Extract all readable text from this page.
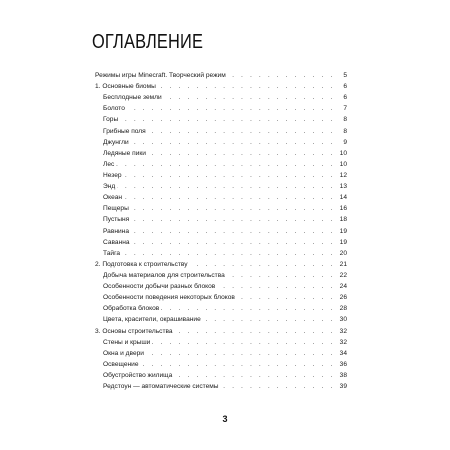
ОГЛАВЛЕНИЕ
Режимы игры Minecraft. Творческий режим . . .	5
1. Основные биомы . . .	6
Бесплодные земли . . .	6
Болото . . .	7
Горы . . .	8
Грибные поля . . .	8
Джунгли . . .	9
Ледяные пики . . .	10
Лес . . .	10
Незер . . .	12
Энд . . .	13
Океан . . .	14
Пещеры . . .	16
Пустыня . . .	18
Равнина . . .	19
Саванна . . .	19
Тайга . . .	20
2. Подготовка к строительству . . .	21
Добыча материалов для строительства . . .	22
Особенности добычи разных блоков . . .	24
Особенности поведения некоторых блоков . . .	26
Обработка блоков . . .	28
Цвета, красители, окрашивание . . .	30
3. Основы строительства . . .	32
Стены и крыши . . .	32
Окна и двери . . .	34
Освещение . . .	36
Обустройство жилища . . .	38
Редстоун — автоматические системы . . .	39
3
